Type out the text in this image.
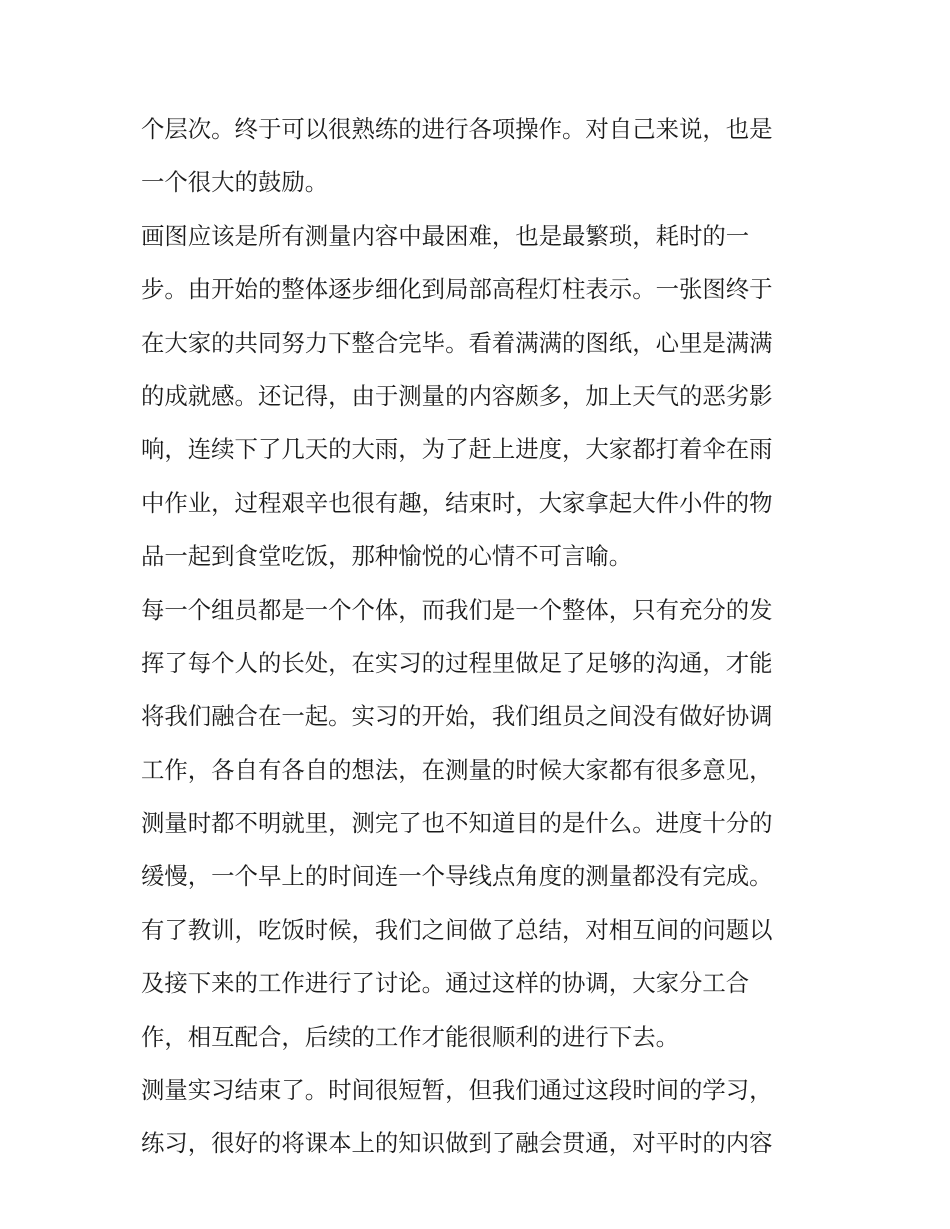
个层次。终于可以很熟练的进行各项操作。对自己来说，也是
一个很大的鼓励。
画图应该是所有测量内容中最困难，也是最繁琐，耗时的一
步。由开始的整体逐步细化到局部高程灯柱表示。一张图终于
在大家的共同努力下整合完毕。看着满满的图纸，心里是满满
的成就感。还记得，由于测量的内容颇多，加上天气的恶劣影
响，连续下了几天的大雨，为了赶上进度，大家都打着伞在雨
中作业，过程艰辛也很有趣，结束时，大家拿起大件小件的物
品一起到食堂吃饭，那种愉悦的心情不可言喻。
每一个组员都是一个个体，而我们是一个整体，只有充分的发
挥了每个人的长处，在实习的过程里做足了足够的沟通，才能
将我们融合在一起。实习的开始，我们组员之间没有做好协调
工作，各自有各自的想法，在测量的时候大家都有很多意见，
测量时都不明就里，测完了也不知道目的是什么。进度十分的
缓慢，一个早上的时间连一个导线点角度的测量都没有完成。
有了教训，吃饭时候，我们之间做了总结，对相互间的问题以
及接下来的工作进行了讨论。通过这样的协调，大家分工合
作，相互配合，后续的工作才能很顺利的进行下去。
测量实习结束了。时间很短暂，但我们通过这段时间的学习，
练习，很好的将课本上的知识做到了融会贯通，对平时的内容
